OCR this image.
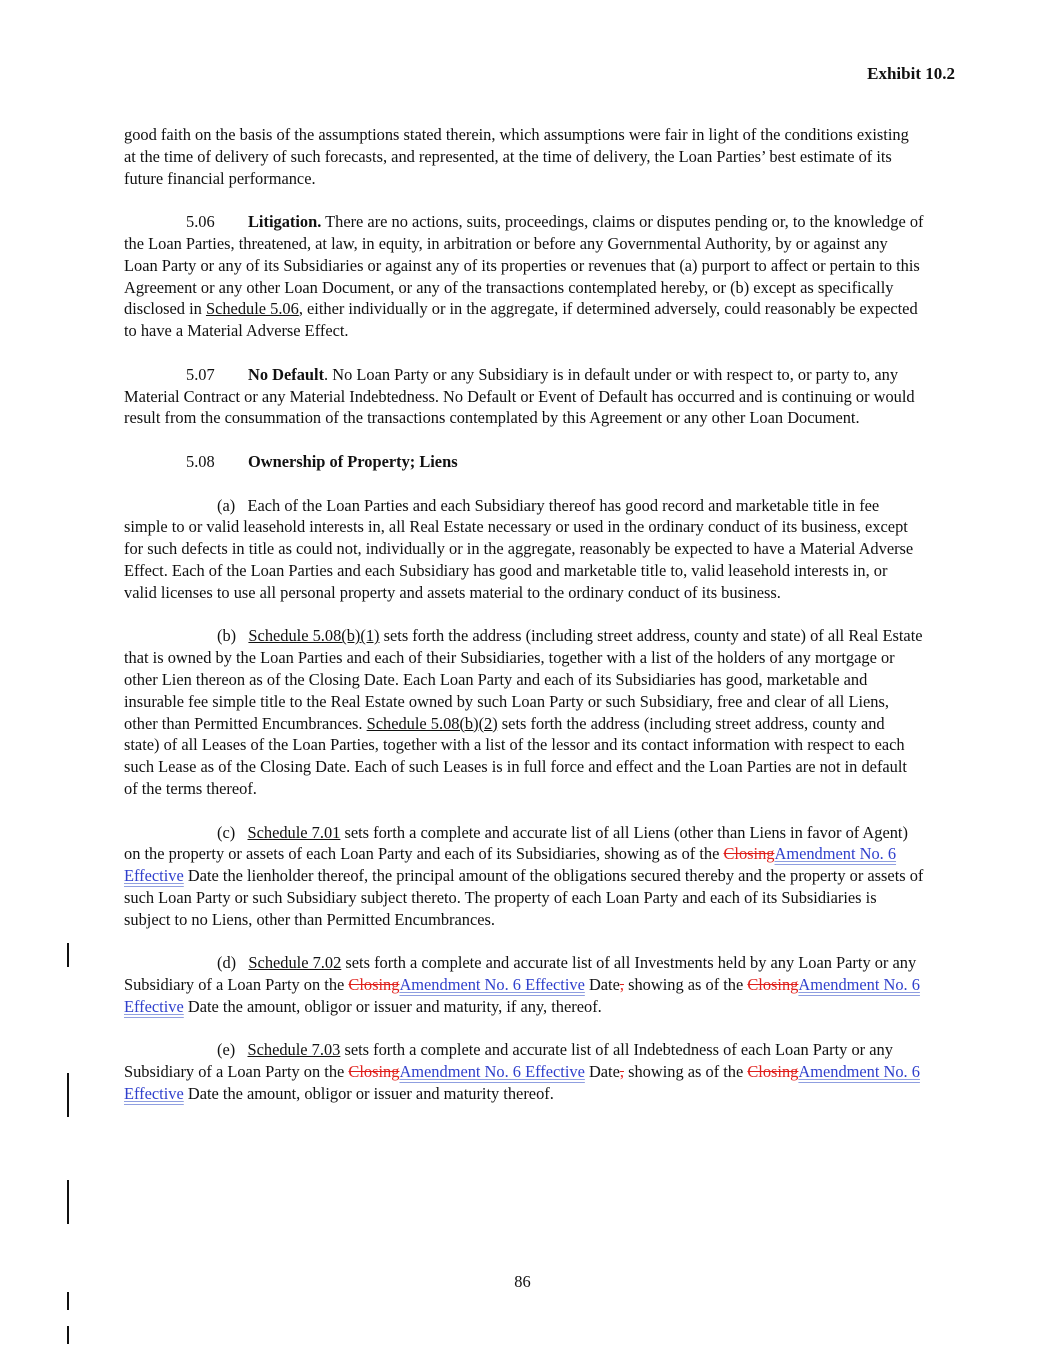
Exhibit 10.2

good faith on the basis of the assumptions stated therein, which assumptions were fair in light of the conditions existing at the time of delivery of such forecasts, and represented, at the time of delivery, the Loan Parties’ best estimate of its future financial performance.

5.06 Litigation. There are no actions, suits, proceedings, claims or disputes pending or, to the knowledge of the Loan Parties, threatened, at law, in equity, in arbitration or before any Governmental Authority, by or against any Loan Party or any of its Subsidiaries or against any of its properties or revenues that (a) purport to affect or pertain to this Agreement or any other Loan Document, or any of the transactions contemplated hereby, or (b) except as specifically disclosed in Schedule 5.06, either individually or in the aggregate, if determined adversely, could reasonably be expected to have a Material Adverse Effect.

5.07 No Default. No Loan Party or any Subsidiary is in default under or with respect to, or party to, any Material Contract or any Material Indebtedness. No Default or Event of Default has occurred and is continuing or would result from the consummation of the transactions contemplated by this Agreement or any other Loan Document.

5.08 Ownership of Property; Liens

(a) Each of the Loan Parties and each Subsidiary thereof has good record and marketable title in fee simple to or valid leasehold interests in, all Real Estate necessary or used in the ordinary conduct of its business, except for such defects in title as could not, individually or in the aggregate, reasonably be expected to have a Material Adverse Effect. Each of the Loan Parties and each Subsidiary has good and marketable title to, valid leasehold interests in, or valid licenses to use all personal property and assets material to the ordinary conduct of its business.

(b) Schedule 5.08(b)(1) sets forth the address (including street address, county and state) of all Real Estate that is owned by the Loan Parties and each of their Subsidiaries, together with a list of the holders of any mortgage or other Lien thereon as of the Closing Date. Each Loan Party and each of its Subsidiaries has good, marketable and insurable fee simple title to the Real Estate owned by such Loan Party or such Subsidiary, free and clear of all Liens, other than Permitted Encumbrances. Schedule 5.08(b)(2) sets forth the address (including street address, county and state) of all Leases of the Loan Parties, together with a list of the lessor and its contact information with respect to each such Lease as of the Closing Date. Each of such Leases is in full force and effect and the Loan Parties are not in default of the terms thereof.

(c) Schedule 7.01 sets forth a complete and accurate list of all Liens (other than Liens in favor of Agent) on the property or assets of each Loan Party and each of its Subsidiaries, showing as of the ClosingAmendment No. 6 Effective Date the lienholder thereof, the principal amount of the obligations secured thereby and the property or assets of such Loan Party or such Subsidiary subject thereto. The property of each Loan Party and each of its Subsidiaries is subject to no Liens, other than Permitted Encumbrances.

(d) Schedule 7.02 sets forth a complete and accurate list of all Investments held by any Loan Party or any Subsidiary of a Loan Party on the ClosingAmendment No. 6 Effective Date, showing as of the ClosingAmendment No. 6 Effective Date the amount, obligor or issuer and maturity, if any, thereof.

(e) Schedule 7.03 sets forth a complete and accurate list of all Indebtedness of each Loan Party or any Subsidiary of a Loan Party on the ClosingAmendment No. 6 Effective Date, showing as of the ClosingAmendment No. 6 Effective Date the amount, obligor or issuer and maturity thereof.

86
